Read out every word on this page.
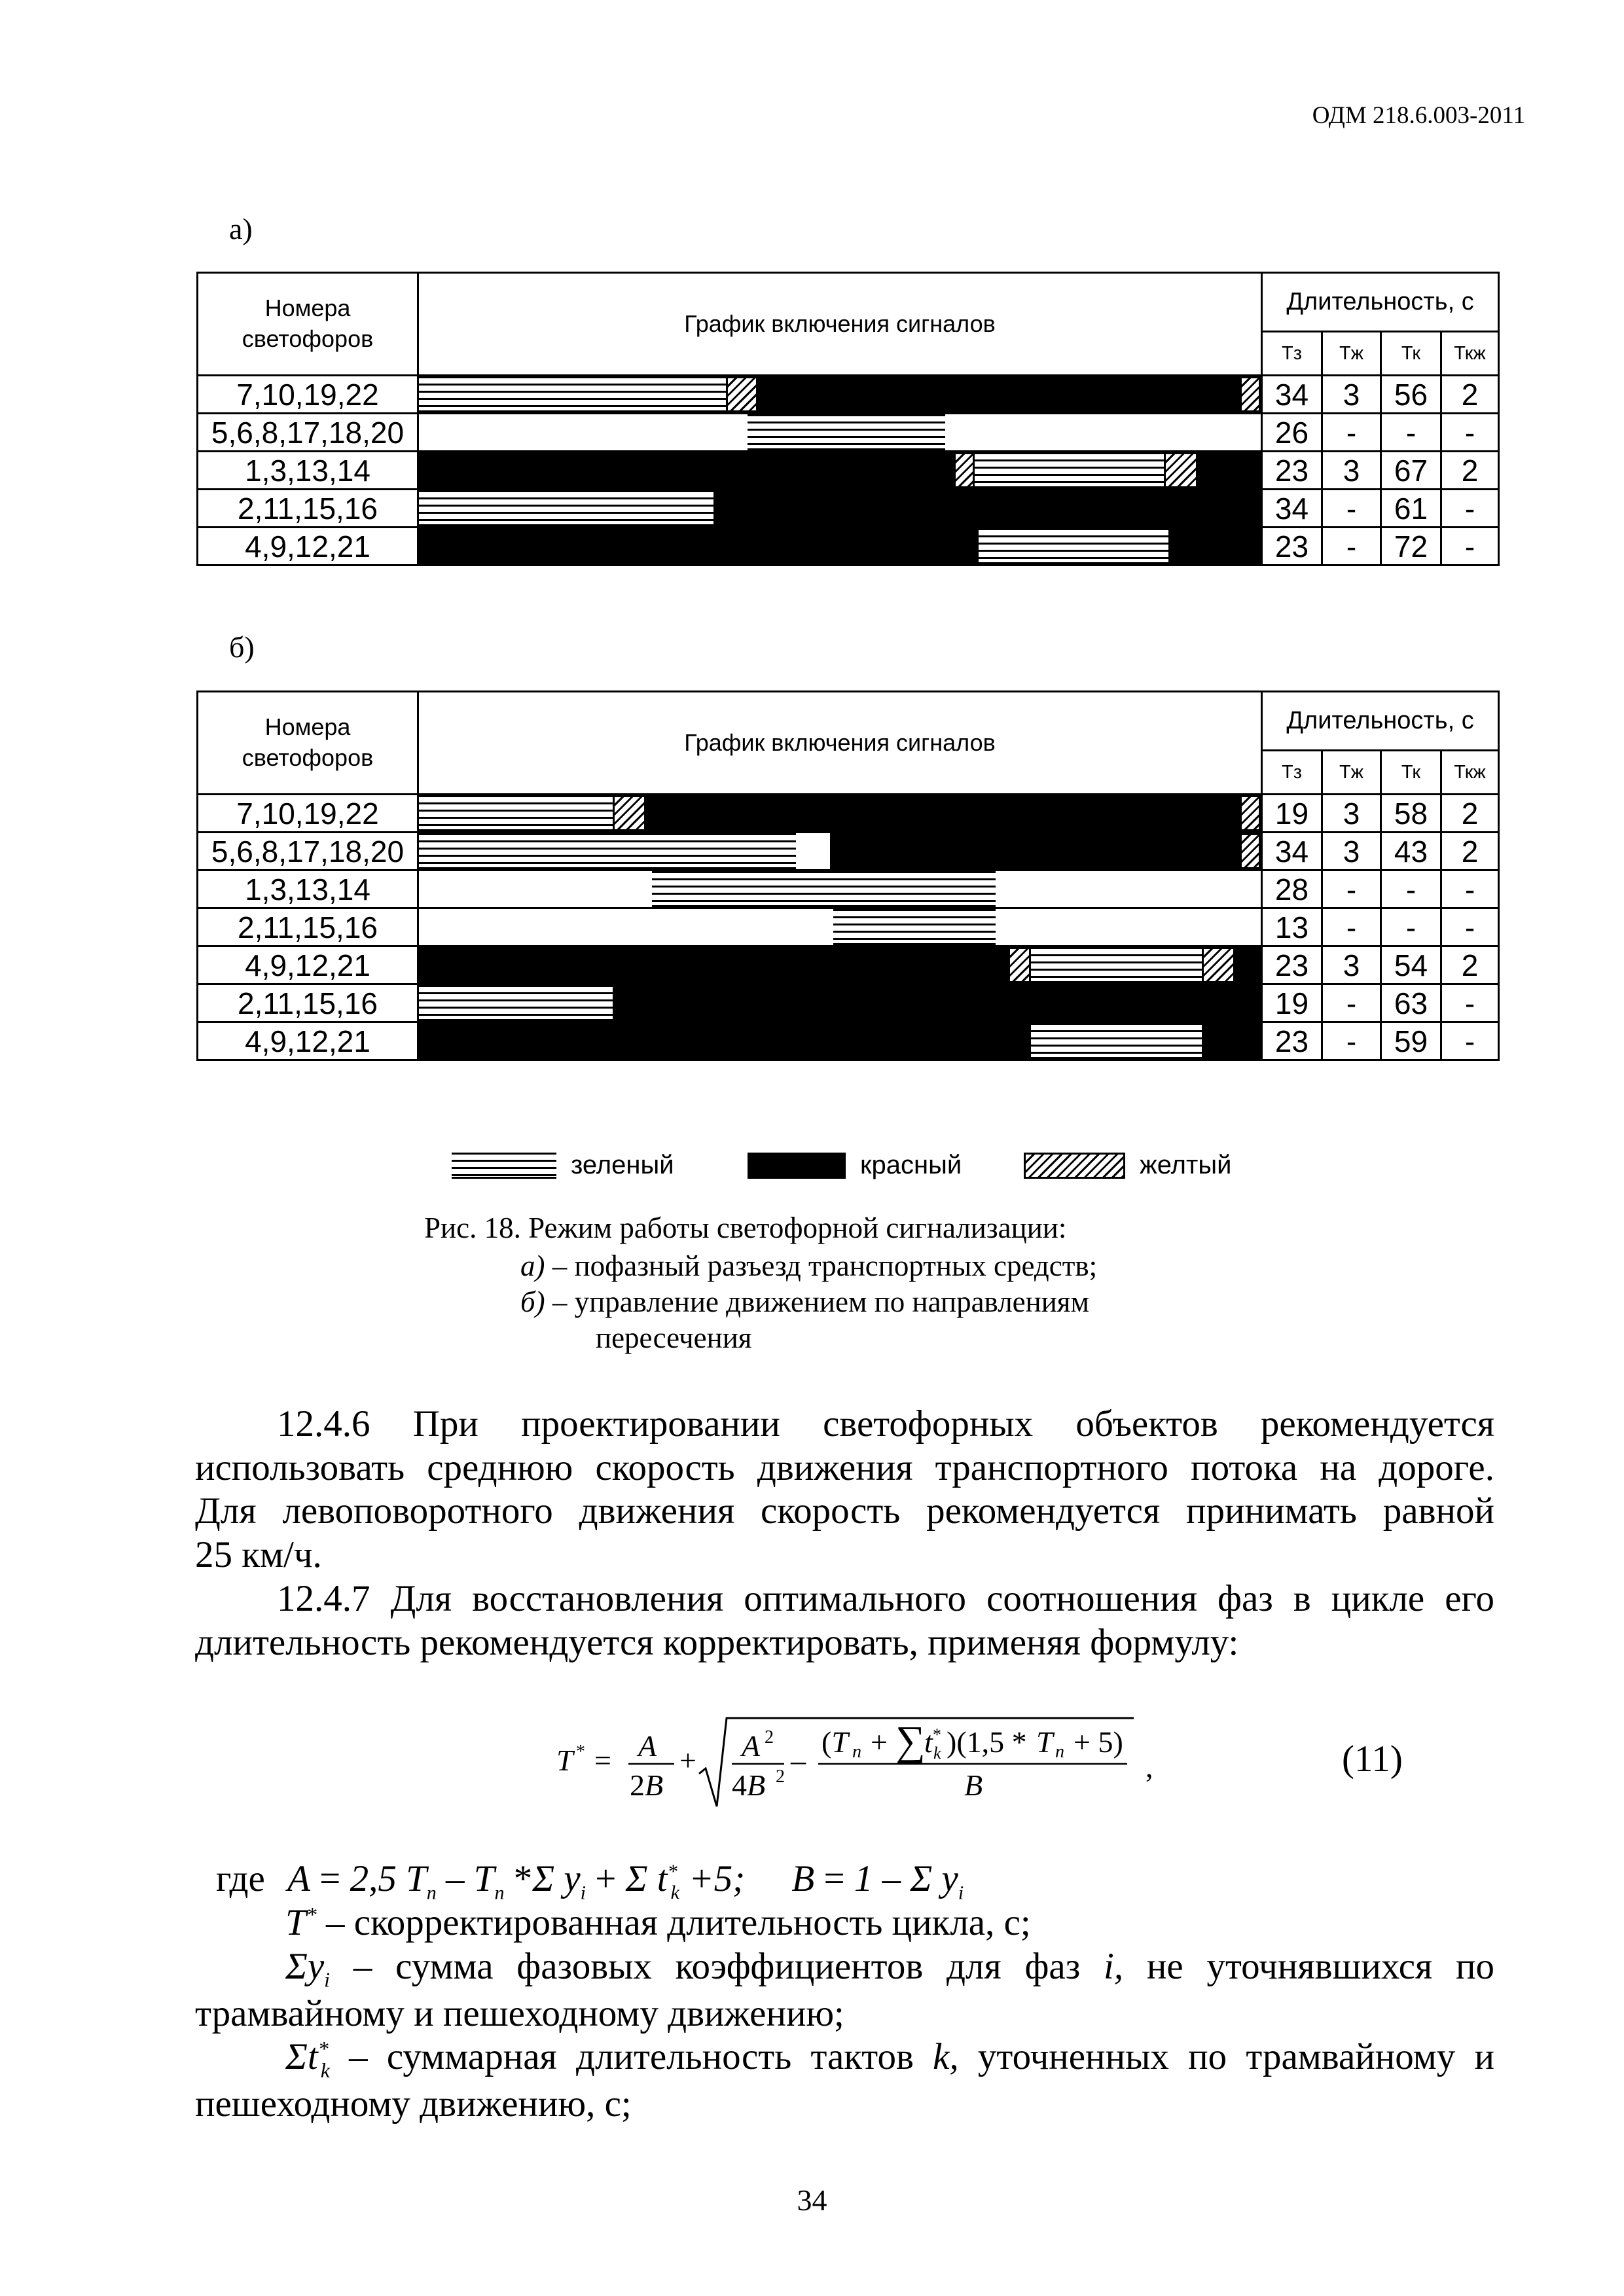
ОДМ 218.6.003-2011
а)
Номера светофоров	График включения сигналов	Длительность, с			
		Тз	Тж	Тк	Ткж
7,10,19,22		34	3	56	2
5,6,8,17,18,20		26	-	-	-
1,3,13,14		23	3	67	2
2,11,15,16		34	-	61	-
4,9,12,21		23	-	72	-
б)
Номера светофоров	График включения сигналов	Длительность, с			
		Тз	Тж	Тк	Ткж
7,10,19,22		19	3	58	2
5,6,8,17,18,20		34	3	43	2
1,3,13,14		28	-	-	-
2,11,15,16		13	-	-	-
4,9,12,21		23	3	54	2
2,11,15,16		19	-	63	-
4,9,12,21		23	-	59	-
зеленый	красный	желтый
Рис. 18. Режим работы светофорной сигнализации:
а) – пофазный разъезд транспортных средств;
б) – управление движением по направлениям
пересечения
12.4.6 При проектировании светофорных объектов рекомендуется
использовать среднюю скорость движения транспортного потока на дороге.
Для левоповоротного движения скорость рекомендуется принимать равной
25 км/ч.
12.4.7 Для восстановления оптимального соотношения фаз в цикле его
длительность рекомендуется корректировать, применяя формулу:
T * = A
2B
+ A 2
4B 2 –
(T n + ∑
t *
k )(1,5 * T n + 5)
B
,	(11)
где A = 2,5 $T_n - T_n$ *Σ $y_i + \Sigma$ $t^*_k +5$; B = 1 – Σ $y_i$
T* – скорректированная длительность цикла, с;
$\Sigma y_i$ – сумма фазовых коэффициентов для фаз i, не уточнявшихся по
трамвайному и пешеходному движению;
$\Sigma t^*_k$ – суммарная длительность тактов k, уточненных по трамвайному и
пешеходному движению, с;
34
